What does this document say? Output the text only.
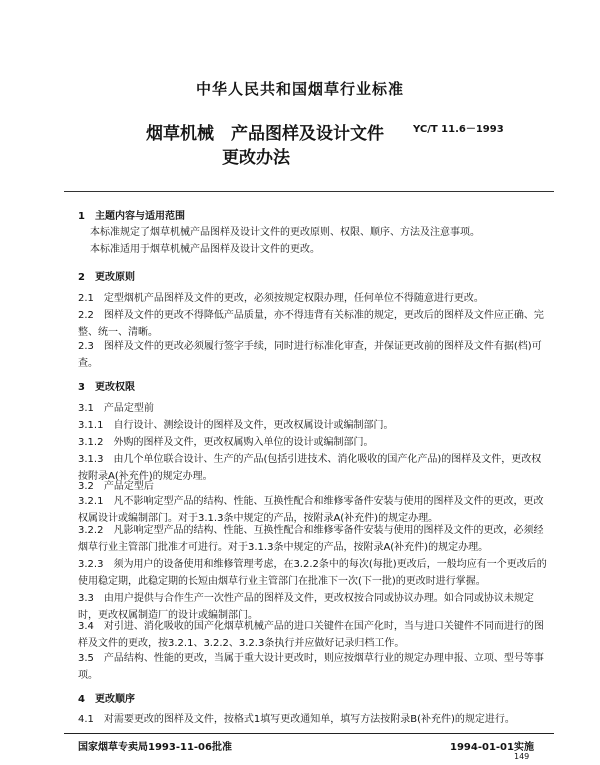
中华人民共和国烟草行业标准
YC/T 11.6－1993
烟草机械　产品图样及设计文件
更改办法
1　主题内容与适用范围
本标准规定了烟草机械产品图样及设计文件的更改原则、权限、顺序、方法及注意事项。
本标准适用于烟草机械产品图样及设计文件的更改。
2　更改原则
2.1　定型烟机产品图样及文件的更改，必须按规定权限办理，任何单位不得随意进行更改。
2.2　图样及文件的更改不得降低产品质量，亦不得违背有关标准的规定，更改后的图样及文件应正确、完整、统一、清晰。
2.3　图样及文件的更改必须履行签字手续，同时进行标准化审查，并保证更改前的图样及文件有据(档)可查。
3　更改权限
3.1　产品定型前
3.1.1　自行设计、测绘设计的图样及文件，更改权属设计或编制部门。
3.1.2　外购的图样及文件，更改权属购入单位的设计或编制部门。
3.1.3　由几个单位联合设计、生产的产品(包括引进技术、消化吸收的国产化产品)的图样及文件，更改权按附录A(补充件)的规定办理。
3.2　产品定型后
3.2.1　凡不影响定型产品的结构、性能、互换性配合和维修零备件安装与使用的图样及文件的更改，更改权属设计或编制部门。对于3.1.3条中规定的产品，按附录A(补充件)的规定办理。
3.2.2　凡影响定型产品的结构、性能、互换性配合和维修零备件安装与使用的图样及文件的更改，必须经烟草行业主管部门批准才可进行。对于3.1.3条中规定的产品，按附录A(补充件)的规定办理。
3.2.3　须为用户的设备使用和维修管理考虑，在3.2.2条中的每次(每批)更改后，一般均应有一个更改后的使用稳定期，此稳定期的长短由烟草行业主管部门在批准下一次(下一批)的更改时进行掌握。
3.3　由用户提供与合作生产一次性产品的图样及文件，更改权按合同或协议办理。如合同或协议未规定时，更改权属制造厂的设计或编制部门。
3.4　对引进、消化吸收的国产化烟草机械产品的进口关键件在国产化时，当与进口关键件不同而进行的图样及文件的更改，按3.2.1、3.2.2、3.2.3条执行并应做好记录归档工作。
3.5　产品结构、性能的更改，当属于重大设计更改时，则应按烟草行业的规定办理申报、立项、型号等事项。
4　更改顺序
4.1　对需要更改的图样及文件，按格式1填写更改通知单，填写方法按附录B(补充件)的规定进行。
国家烟草专卖局1993-11-06批准	1994-01-01实施
149
